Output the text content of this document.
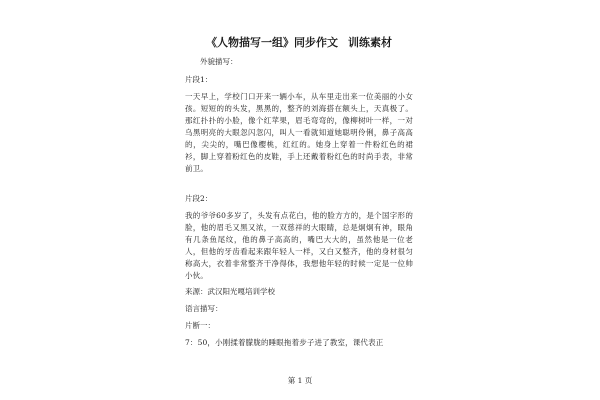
《人物描写一组》同步作文 训练素材
外貌描写：
片段1：

一天早上，学校门口开来一辆小车，从车里走出来一位美丽的小女孩。短短的的头发，黑黑的，整齐的刘海搭在额头上，天真极了。那红扑扑的小脸，像个红苹果，眉毛弯弯的，像柳树叶一样，一对乌黑明亮的大眼忽闪忽闪，叫人一看就知道她聪明伶俐，鼻子高高的，尖尖的，嘴巴像樱桃，红红的。她身上穿着一件粉红色的裙衫，脚上穿着粉红色的皮鞋，手上还戴着粉红色的时尚手表，非常前卫。

片段2：

我的爷爷60多岁了，头发有点花白，他的脸方方的，是个国字形的脸，他的眉毛又黑又浓，一双慈祥的大眼睛，总是炯炯有神，眼角有几条鱼尾纹，他的鼻子高高的，嘴巴大大的，虽然他是一位老人，但他的牙齿看起来跟年轻人一样，又白又整齐，他的身材很匀称高大，衣着非常整齐干净得体，我想他年轻的时候一定是一位帅小伙。

来源：武汉阳光嘎培训学校
语言描写：
片断一：

7：50，小刚揉着朦胧的睡眼拖着步子进了教室，课代表正

第 1 页
